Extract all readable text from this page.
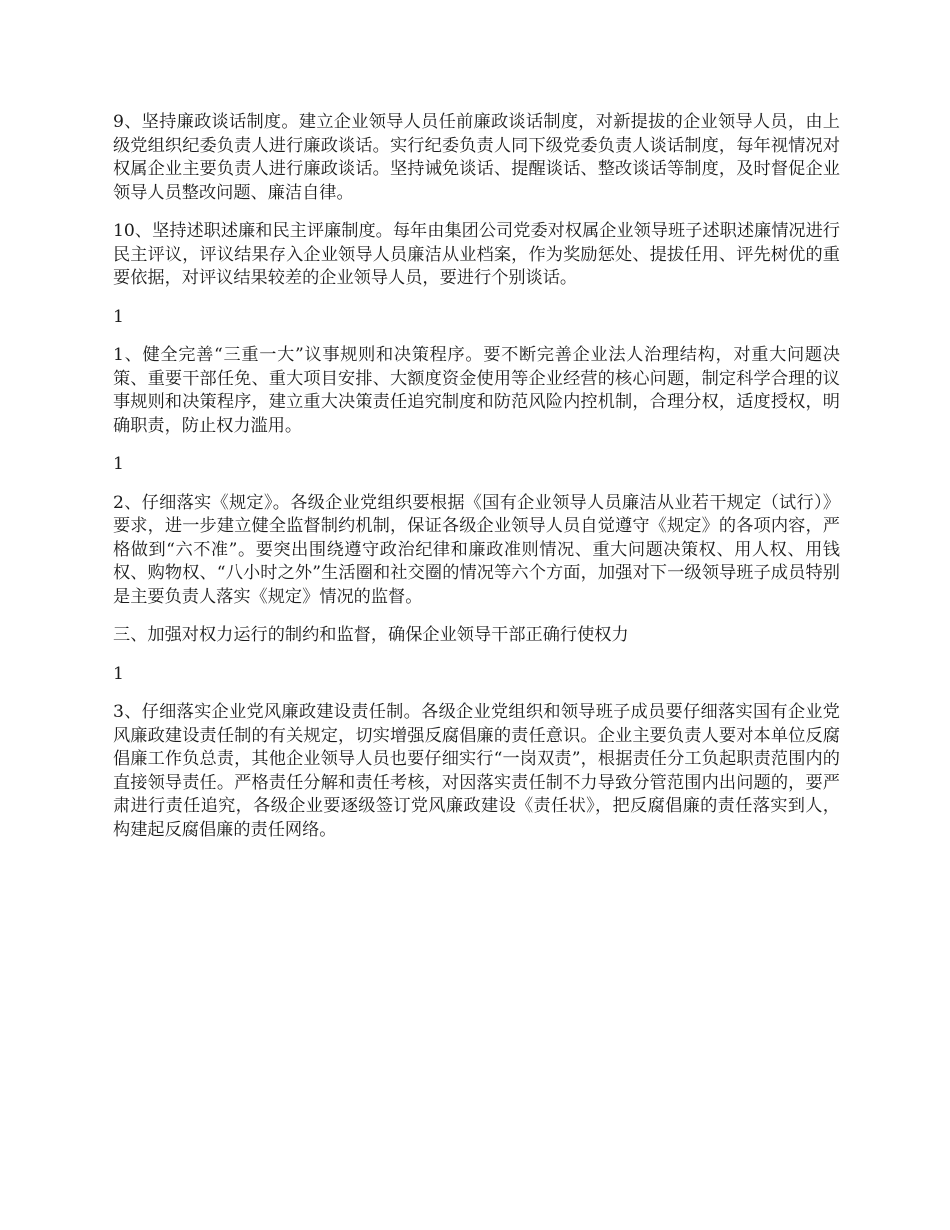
9、坚持廉政谈话制度。建立企业领导人员任前廉政谈话制度，对新提拔的企业领导人员，由上级党组织纪委负责人进行廉政谈话。实行纪委负责人同下级党委负责人谈话制度，每年视情况对权属企业主要负责人进行廉政谈话。坚持诫免谈话、提醒谈话、整改谈话等制度，及时督促企业领导人员整改问题、廉洁自律。

10、坚持述职述廉和民主评廉制度。每年由集团公司党委对权属企业领导班子述职述廉情况进行民主评议，评议结果存入企业领导人员廉洁从业档案，作为奖励惩处、提拔任用、评先树优的重要依据，对评议结果较差的企业领导人员，要进行个别谈话。

1

1、健全完善“三重一大”议事规则和决策程序。要不断完善企业法人治理结构，对重大问题决策、重要干部任免、重大项目安排、大额度资金使用等企业经营的核心问题，制定科学合理的议事规则和决策程序，建立重大决策责任追究制度和防范风险内控机制，合理分权，适度授权，明确职责，防止权力滥用。

1

2、仔细落实《规定》。各级企业党组织要根据《国有企业领导人员廉洁从业若干规定（试行）》要求，进一步建立健全监督制约机制，保证各级企业领导人员自觉遵守《规定》的各项内容，严格做到“六不准”。要突出围绕遵守政治纪律和廉政准则情况、重大问题决策权、用人权、用钱权、购物权、“八小时之外”生活圈和社交圈的情况等六个方面，加强对下一级领导班子成员特别是主要负责人落实《规定》情况的监督。

三、加强对权力运行的制约和监督，确保企业领导干部正确行使权力

1

3、仔细落实企业党风廉政建设责任制。各级企业党组织和领导班子成员要仔细落实国有企业党风廉政建设责任制的有关规定，切实增强反腐倡廉的责任意识。企业主要负责人要对本单位反腐倡廉工作负总责，其他企业领导人员也要仔细实行“一岗双责”，根据责任分工负起职责范围内的直接领导责任。严格责任分解和责任考核，对因落实责任制不力导致分管范围内出问题的，要严肃进行责任追究，各级企业要逐级签订党风廉政建设《责任状》，把反腐倡廉的责任落实到人，构建起反腐倡廉的责任网络。
